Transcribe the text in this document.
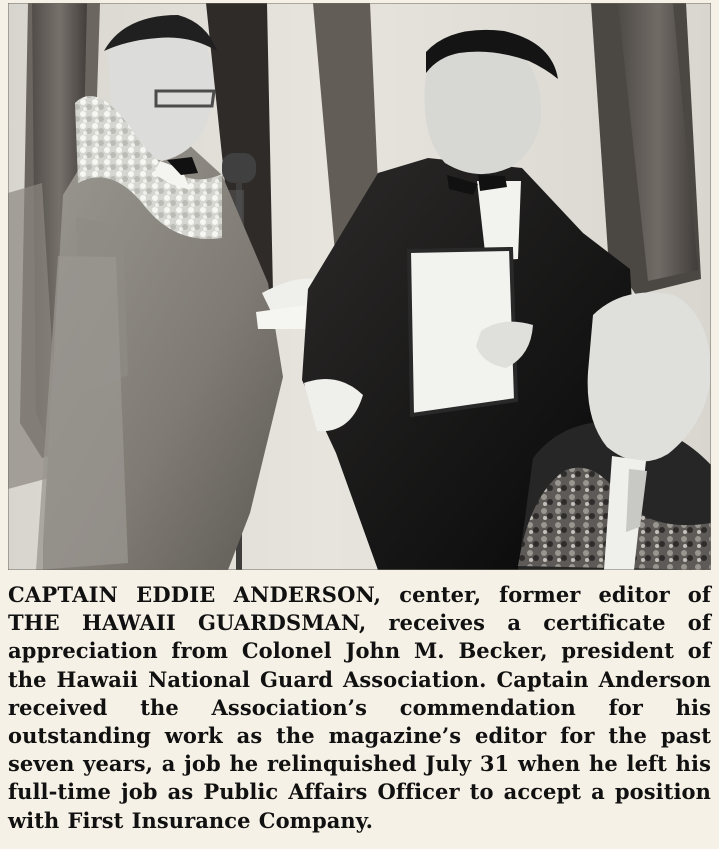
CAPTAIN EDDIE ANDERSON, center, former editor of THE HAWAII GUARDSMAN, receives a certificate of appreciation from Colonel John M. Becker, president of the Hawaii National Guard Association. Captain Anderson received the Association’s commendation for his outstanding work as the magazine’s editor for the past seven years, a job he relinquished July 31 when he left his full-time job as Public Affairs Officer to accept a position with First Insurance Company.
